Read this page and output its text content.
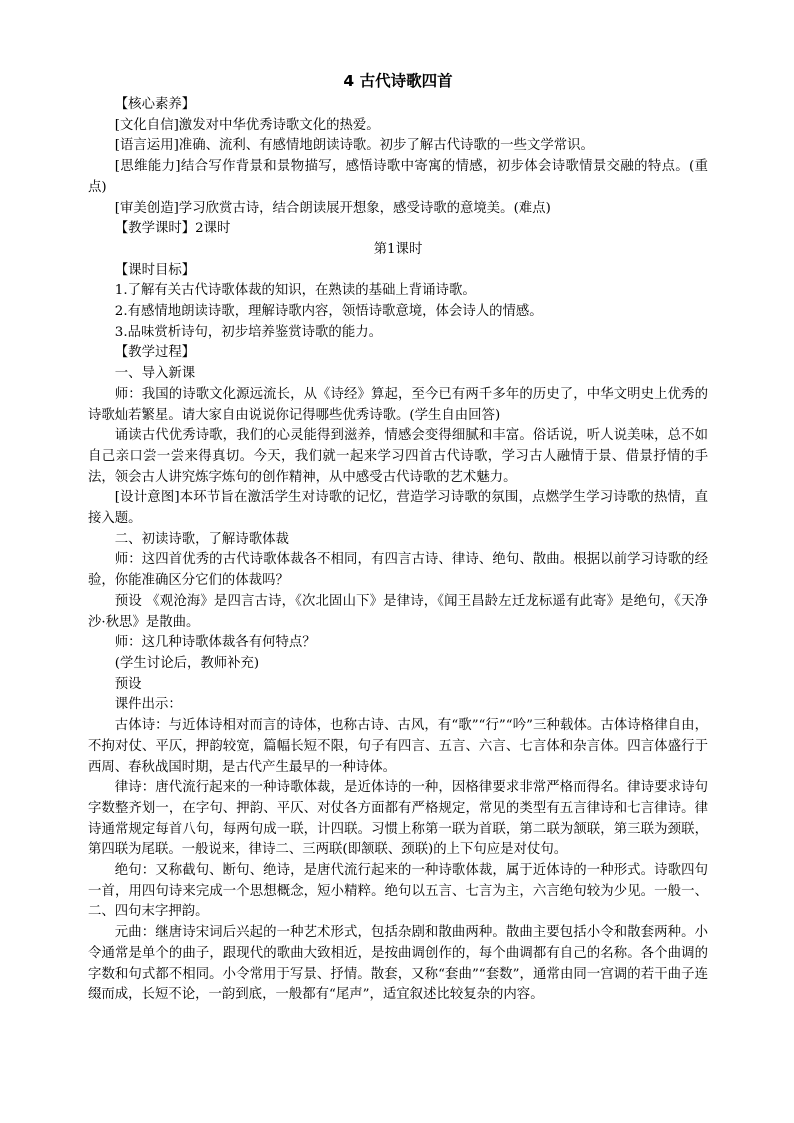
4 古代诗歌四首

【核心素养】

[文化自信]激发对中华优秀诗歌文化的热爱。

[语言运用]准确、流利、有感情地朗读诗歌。初步了解古代诗歌的一些文学常识。

[思维能力]结合写作背景和景物描写，感悟诗歌中寄寓的情感，初步体会诗歌情景交融的特点。(重点)

[审美创造]学习欣赏古诗，结合朗读展开想象，感受诗歌的意境美。(难点)

【教学课时】2课时

第1课时

【课时目标】

1.了解有关古代诗歌体裁的知识，在熟读的基础上背诵诗歌。

2.有感情地朗读诗歌，理解诗歌内容，领悟诗歌意境，体会诗人的情感。

3.品味赏析诗句，初步培养鉴赏诗歌的能力。

【教学过程】

一、导入新课

师：我国的诗歌文化源远流长，从《诗经》算起，至今已有两千多年的历史了，中华文明史上优秀的诗歌灿若繁星。请大家自由说说你记得哪些优秀诗歌。(学生自由回答)

诵读古代优秀诗歌，我们的心灵能得到滋养，情感会变得细腻和丰富。俗话说，听人说美味，总不如自己亲口尝一尝来得真切。今天，我们就一起来学习四首古代诗歌，学习古人融情于景、借景抒情的手法，领会古人讲究炼字炼句的创作精神，从中感受古代诗歌的艺术魅力。

[设计意图]本环节旨在激活学生对诗歌的记忆，营造学习诗歌的氛围，点燃学生学习诗歌的热情，直接入题。

二、初读诗歌，了解诗歌体裁

师：这四首优秀的古代诗歌体裁各不相同，有四言古诗、律诗、绝句、散曲。根据以前学习诗歌的经验，你能准确区分它们的体裁吗？

预设 《观沧海》是四言古诗，《次北固山下》是律诗，《闻王昌龄左迁龙标遥有此寄》是绝句，《天净沙·秋思》是散曲。

师：这几种诗歌体裁各有何特点？

(学生讨论后，教师补充)

预设

课件出示：

古体诗：与近体诗相对而言的诗体，也称古诗、古风，有“歌”“行”“吟”三种载体。古体诗格律自由，不拘对仗、平仄，押韵较宽，篇幅长短不限，句子有四言、五言、六言、七言体和杂言体。四言体盛行于西周、春秋战国时期，是古代产生最早的一种诗体。

律诗：唐代流行起来的一种诗歌体裁，是近体诗的一种，因格律要求非常严格而得名。律诗要求诗句字数整齐划一，在字句、押韵、平仄、对仗各方面都有严格规定，常见的类型有五言律诗和七言律诗。律诗通常规定每首八句，每两句成一联，计四联。习惯上称第一联为首联，第二联为颔联，第三联为颈联，第四联为尾联。一般说来，律诗二、三两联(即颔联、颈联)的上下句应是对仗句。

绝句：又称截句、断句、绝诗，是唐代流行起来的一种诗歌体裁，属于近体诗的一种形式。诗歌四句一首，用四句诗来完成一个思想概念，短小精粹。绝句以五言、七言为主，六言绝句较为少见。一般一、二、四句末字押韵。

元曲：继唐诗宋词后兴起的一种艺术形式，包括杂剧和散曲两种。散曲主要包括小令和散套两种。小令通常是单个的曲子，跟现代的歌曲大致相近，是按曲调创作的，每个曲调都有自己的名称。各个曲调的字数和句式都不相同。小令常用于写景、抒情。散套，又称“套曲”“套数”，通常由同一宫调的若干曲子连缀而成，长短不论，一韵到底，一般都有“尾声”，适宜叙述比较复杂的内容。
